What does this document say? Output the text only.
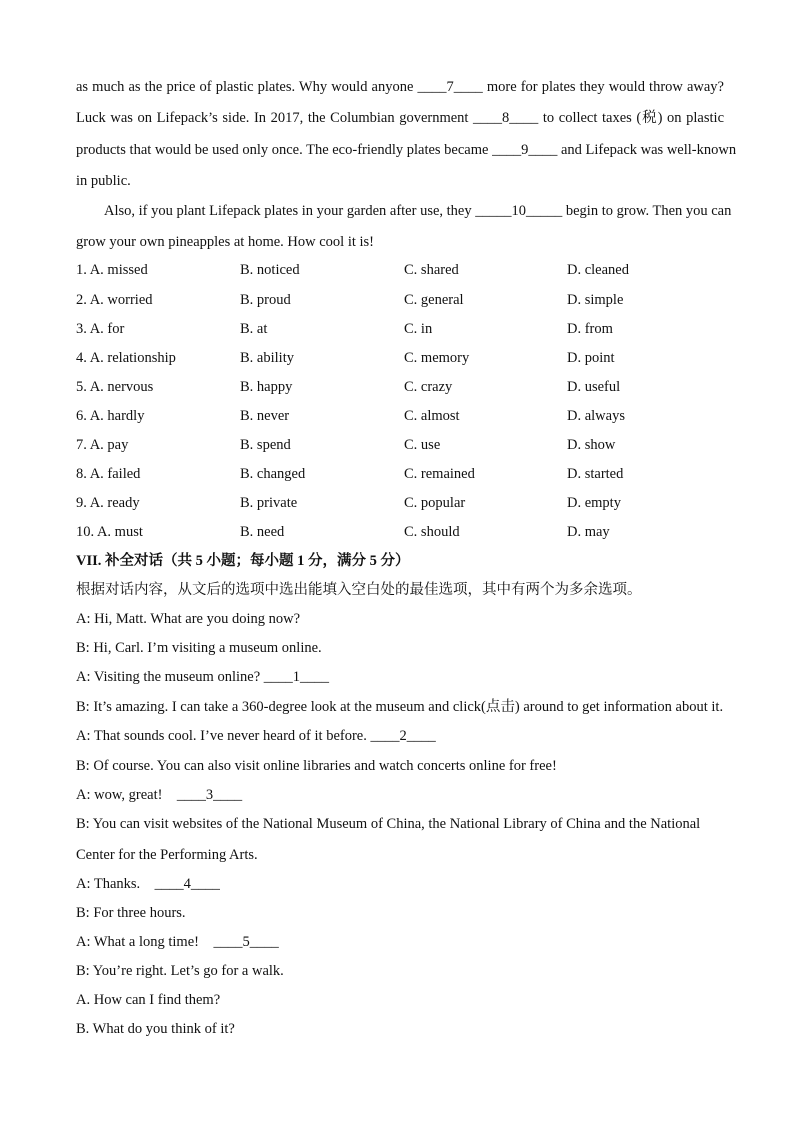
as much as the price of plastic plates. Why would anyone ____7____ more for plates they would throw away?
Luck was on Lifepack’s side. In 2017, the Columbian government ____8____ to collect taxes (税) on plastic
products that would be used only once. The eco-friendly plates became ____9____ and Lifepack was well-known
in public.
Also, if you plant Lifepack plates in your garden after use, they _____10_____ begin to grow. Then you can
grow your own pineapples at home. How cool it is!
1. A. missed	B. noticed	C. shared	D. cleaned
2. A. worried	B. proud	C. general	D. simple
3. A. for	B. at	C. in	D. from
4. A. relationship	B. ability	C. memory	D. point
5. A. nervous	B. happy	C. crazy	D. useful
6. A. hardly	B. never	C. almost	D. always
7. A. pay	B. spend	C. use	D. show
8. A. failed	B. changed	C. remained	D. started
9. A. ready	B. private	C. popular	D. empty
10. A. must	B. need	C. should	D. may
VII. 补全对话（共 5 小题；每小题 1 分，满分 5 分）
根据对话内容，从文后的选项中选出能填入空白处的最佳选项，其中有两个为多余选项。
A: Hi, Matt. What are you doing now?
B: Hi, Carl. I’m visiting a museum online.
A: Visiting the museum online? ____1____
B: It’s amazing. I can take a 360-degree look at the museum and click(点击) around to get information about it.
A: That sounds cool. I’ve never heard of it before. ____2____
B: Of course. You can also visit online libraries and watch concerts online for free!
A: wow, great!    ____3____
B: You can visit websites of the National Museum of China, the National Library of China and the National
Center for the Performing Arts.
A: Thanks.    ____4____
B: For three hours.
A: What a long time!    ____5____
B: You’re right. Let’s go for a walk.
A. How can I find them?
B. What do you think of it?
